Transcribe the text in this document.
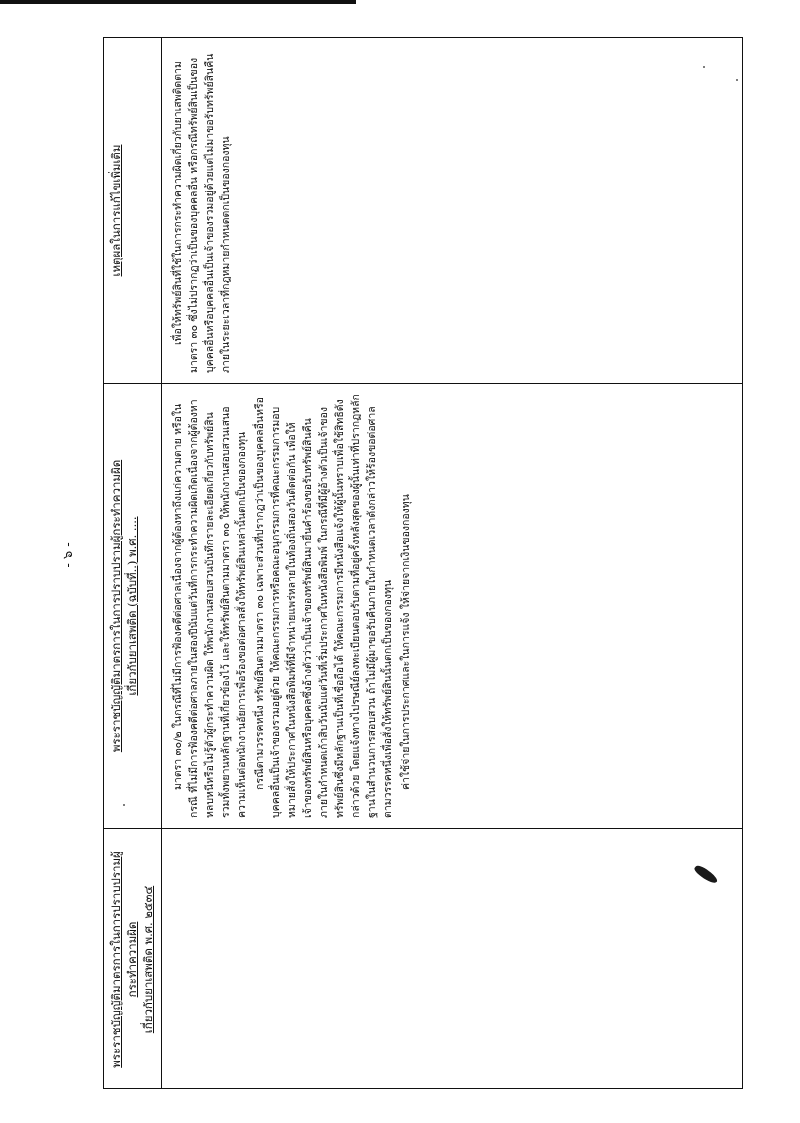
- ๖ -
พระราชบัญญัติมาตรการในการปราบปรามผู้กระทำความผิด เกี่ยวกับยาเสพติด พ.ศ. ๒๕๓๔
พระราชบัญญัติมาตรการในการปราบปรามผู้กระทำความผิด เกี่ยวกับยาเสพติด (ฉบับที่..) พ.ศ. ....	มาตรา ๓๐/๒ ในกรณีที่ไม่มีการฟ้องคดีต่อศาลเนื่องจากผู้ต้องหาถึงแก่ความตาย หรือในกรณี ที่ไม่มีการฟ้องคดีต่อศาลภายในสองปีนับแต่วันที่การกระทำความผิดเกิดเนื่องจากผู้ต้องหาหลบหนีหรือไม่รู้ตัวผู้กระทำความผิด ให้พนักงานสอบสวนบันทึกรายละเอียดเกี่ยวกับทรัพย์สินรวมทั้งพยานหลักฐานที่เกี่ยวข้องไว้ และให้ทรัพย์สินตามมาตรา ๓๐ ให้พนักงานสอบสวนเสนอความเห็นต่อพนักงานอัยการเพื่อร้องขอต่อศาลสั่งให้ทรัพย์สินเหล่านั้นตกเป็นของกองทุน กรณีตามวรรคหนึ่ง ทรัพย์สินตามมาตรา ๓๐ เฉพาะส่วนที่ปรากฏว่าเป็นของบุคคลอื่นหรือบุคคลอื่นเป็นเจ้าของรวมอยู่ด้วย ให้คณะกรรมการหรือคณะอนุกรรมการที่คณะกรรมการมอบหมายสั่งให้ประกาศในหนังสือพิมพ์ที่มีจำหน่ายแพร่หลายในท้องถิ่นสองวันติดต่อกัน เพื่อให้เจ้าของทรัพย์สินหรือบุคคลซึ่งอ้างตัวว่าเป็นเจ้าของทรัพย์สินมายื่นคำร้องขอรับทรัพย์สินคืนภายในกำหนดเก้าสิบวันนับแต่วันที่เริ่มประกาศในหนังสือพิมพ์ ในกรณีที่มีผู้อ้างตัวเป็นเจ้าของทรัพย์สินซึ่งมีหลักฐานเป็นที่เชื่อถือได้ ให้คณะกรรมการมีหนังสือแจ้งให้ผู้นั้นทราบเพื่อใช้สิทธิดังกล่าวด้วย โดยแจ้งทางไปรษณีย์ลงทะเบียนตอบรับตามที่อยู่ครั้งหลังสุดของผู้นั้นเท่าที่ปรากฏหลักฐานในสำนวนการสอบสวน ถ้าไม่มีผู้มาขอรับคืนภายในกำหนดเวลาดังกล่าวให้ร้องขอต่อศาลตามวรรคหนึ่งเพื่อสั่งให้ทรัพย์สินนั้นตกเป็นของกองทุน ค่าใช้จ่ายในการประกาศและในการแจ้ง ให้จ่ายจากเงินของกองทุน

เหตุผลในการแก้ไขเพิ่มเติม	เพื่อให้ทรัพย์สินที่ใช้ในการกระทำความผิดเกี่ยวกับยาเสพติดตามมาตรา ๓๐ ซึ่งไม่ปรากฏว่าเป็นของบุคคลอื่น หรือกรณีทรัพย์สินเป็นของบุคคลอื่นหรือบุคคลอื่นเป็นเจ้าของรวมอยู่ด้วยแต่ไม่มาขอรับทรัพย์สินคืนภายในระยะเวลาที่กฎหมายกำหนดตกเป็นของกองทุน
